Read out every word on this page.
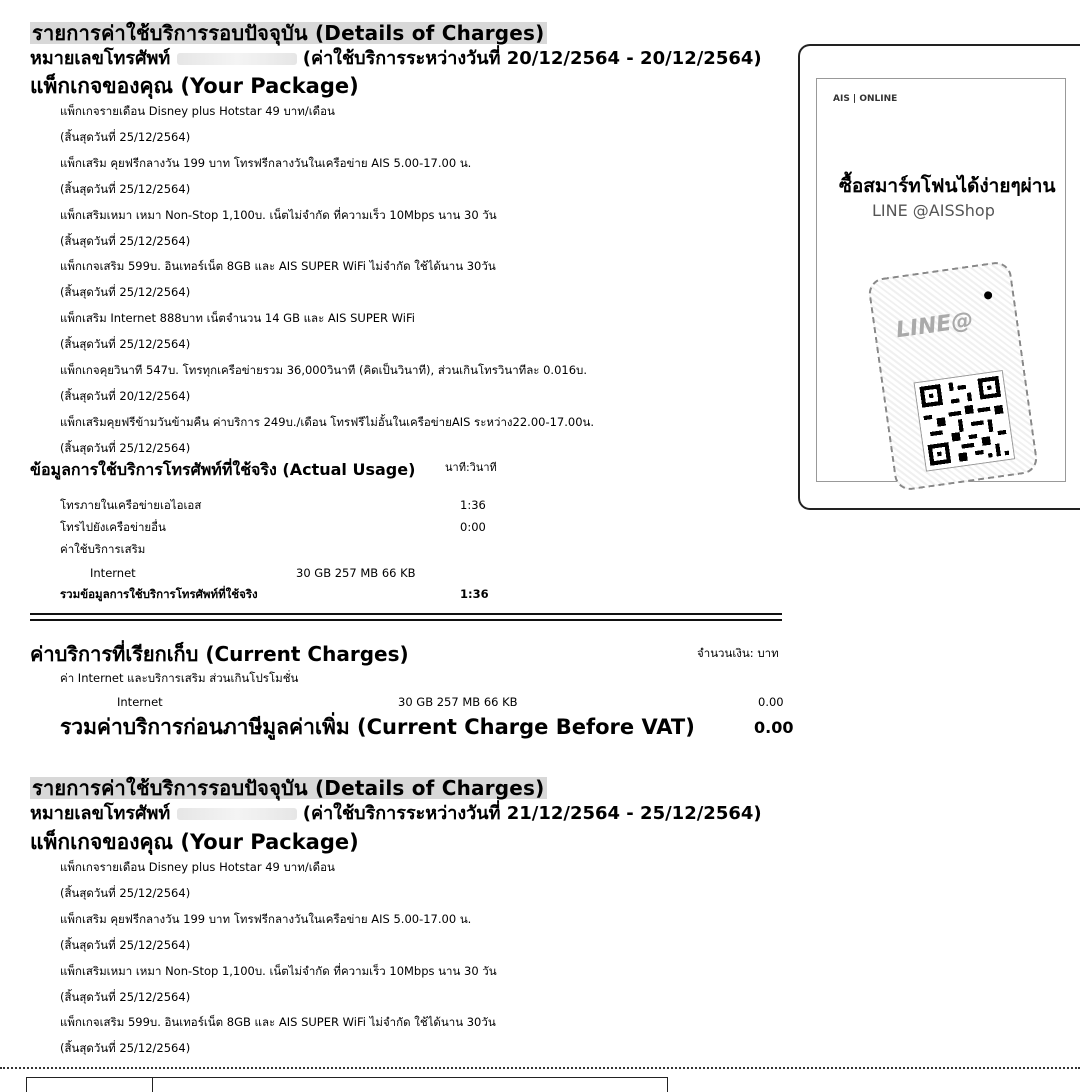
รายการค่าใช้บริการรอบปัจจุบัน (Details of Charges)
หมายเลขโทรศัพท์	(ค่าใช้บริการระหว่างวันที่ 20/12/2564 - 20/12/2564)
แพ็กเกจของคุณ (Your Package)
แพ็กเกจรายเดือน Disney plus Hotstar 49 บาท/เดือน
(สิ้นสุดวันที่ 25/12/2564)
แพ็กเสริม คุยฟรีกลางวัน 199 บาท โทรฟรีกลางวันในเครือข่าย AIS 5.00-17.00 น.
(สิ้นสุดวันที่ 25/12/2564)
แพ็กเสริมเหมา เหมา Non-Stop 1,100บ. เน็ตไม่จำกัด ที่ความเร็ว 10Mbps นาน 30 วัน
(สิ้นสุดวันที่ 25/12/2564)
แพ็กเกจเสริม 599บ. อินเทอร์เน็ต 8GB และ AIS SUPER WiFi ไม่จำกัด ใช้ได้นาน 30วัน
(สิ้นสุดวันที่ 25/12/2564)
แพ็กเสริม Internet 888บาท เน็ตจำนวน 14 GB และ AIS SUPER WiFi
(สิ้นสุดวันที่ 25/12/2564)
แพ็กเกจคุยวินาที 547บ. โทรทุกเครือข่ายรวม 36,000วินาที (คิดเป็นวินาที), ส่วนเกินโทรวินาทีละ 0.016บ.
(สิ้นสุดวันที่ 20/12/2564)
แพ็กเสริมคุยฟรีข้ามวันข้ามคืน ค่าบริการ 249บ./เดือน โทรฟรีไม่อั้นในเครือข่ายAIS ระหว่าง22.00-17.00น.
(สิ้นสุดวันที่ 25/12/2564)
ข้อมูลการใช้บริการโทรศัพท์ที่ใช้จริง (Actual Usage)	นาที:วินาที
โทรภายในเครือข่ายเอไอเอส	1:36
โทรไปยังเครือข่ายอื่น	0:00
ค่าใช้บริการเสริม
Internet	30 GB 257 MB 66 KB
รวมข้อมูลการใช้บริการโทรศัพท์ที่ใช้จริง	1:36
ค่าบริการที่เรียกเก็บ (Current Charges)	จำนวนเงิน: บาท
ค่า Internet และบริการเสริม ส่วนเกินโปรโมชั่น
Internet	30 GB 257 MB 66 KB	0.00
รวมค่าบริการก่อนภาษีมูลค่าเพิ่ม (Current Charge Before VAT)	0.00
รายการค่าใช้บริการรอบปัจจุบัน (Details of Charges)
หมายเลขโทรศัพท์	(ค่าใช้บริการระหว่างวันที่ 21/12/2564 - 25/12/2564)
แพ็กเกจของคุณ (Your Package)
แพ็กเกจรายเดือน Disney plus Hotstar 49 บาท/เดือน
(สิ้นสุดวันที่ 25/12/2564)
แพ็กเสริม คุยฟรีกลางวัน 199 บาท โทรฟรีกลางวันในเครือข่าย AIS 5.00-17.00 น.
(สิ้นสุดวันที่ 25/12/2564)
แพ็กเสริมเหมา เหมา Non-Stop 1,100บ. เน็ตไม่จำกัด ที่ความเร็ว 10Mbps นาน 30 วัน
(สิ้นสุดวันที่ 25/12/2564)
แพ็กเกจเสริม 599บ. อินเทอร์เน็ต 8GB และ AIS SUPER WiFi ไม่จำกัด ใช้ได้นาน 30วัน
(สิ้นสุดวันที่ 25/12/2564)
AIS | ONLINE
ซื้อสมาร์ทโฟนได้ง่ายๆผ่าน
LINE @AISShop
LINE@
